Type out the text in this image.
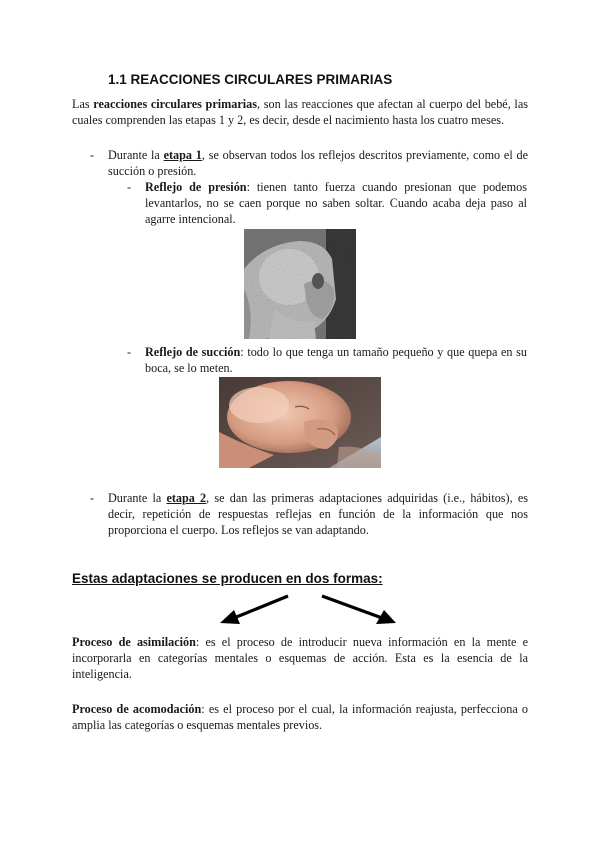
1.1 REACCIONES CIRCULARES PRIMARIAS
Las reacciones circulares primarias, son las reacciones que afectan al cuerpo del bebé, las cuales comprenden las etapas 1 y 2, es decir, desde el nacimiento hasta los cuatro meses.
- Durante la etapa 1, se observan todos los reflejos descritos previamente, como el de succión o presión.
- Reflejo de presión: tienen tanto fuerza cuando presionan que podemos levantarlos, no se caen porque no saben soltar. Cuando acaba deja paso al agarre intencional.
- Reflejo de succión: todo lo que tenga un tamaño pequeño y que quepa en su boca, se lo meten.
- Durante la etapa 2, se dan las primeras adaptaciones adquiridas (i.e., hábitos), es decir, repetición de respuestas reflejas en función de la información que nos proporciona el cuerpo. Los reflejos se van adaptando.
Estas adaptaciones se producen en dos formas:
Proceso de asimilación: es el proceso de introducir nueva información en la mente e incorporarla en categorías mentales o esquemas de acción. Esta es la esencia de la inteligencia.
Proceso de acomodación: es el proceso por el cual, la información reajusta, perfecciona o amplia las categorías o esquemas mentales previos.
